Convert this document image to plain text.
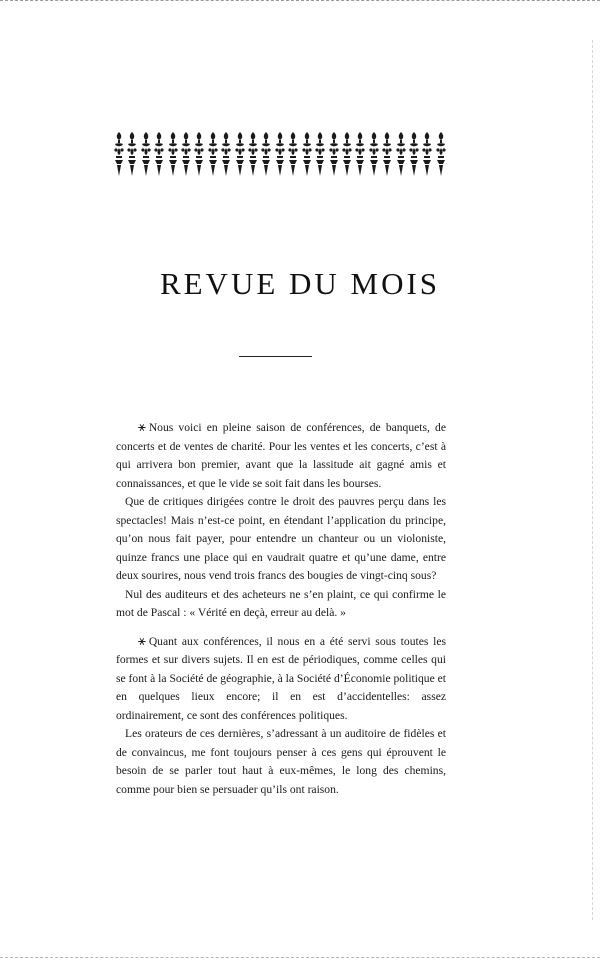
REVUE DU MOIS

⚹ Nous voici en pleine saison de conférences, de banquets, de concerts et de ventes de charité. Pour les ventes et les concerts, c’est à qui arrivera bon premier, avant que la lassitude ait gagné amis et connaissances, et que le vide se soit fait dans les bourses.

Que de critiques dirigées contre le droit des pauvres perçu dans les spectacles! Mais n’est-ce point, en étendant l’application du principe, qu’on nous fait payer, pour entendre un chanteur ou un violoniste, quinze francs une place qui en vaudrait quatre et qu’une dame, entre deux sourires, nous vend trois francs des bougies de vingt-cinq sous?

Nul des auditeurs et des acheteurs ne s’en plaint, ce qui confirme le mot de Pascal : « Vérité en deçà, erreur au delà. »

⚹ Quant aux conférences, il nous en a été servi sous toutes les formes et sur divers sujets. Il en est de périodiques, comme celles qui se font à la Société de géographie, à la Société d’Économie politique et en quelques lieux encore; il en est d’accidentelles: assez ordinairement, ce sont des conférences politiques.

Les orateurs de ces dernières, s’adressant à un auditoire de fidèles et de convaincus, me font toujours penser à ces gens qui éprouvent le besoin de se parler tout haut à eux-mêmes, le long des chemins, comme pour bien se persuader qu’ils ont raison.
